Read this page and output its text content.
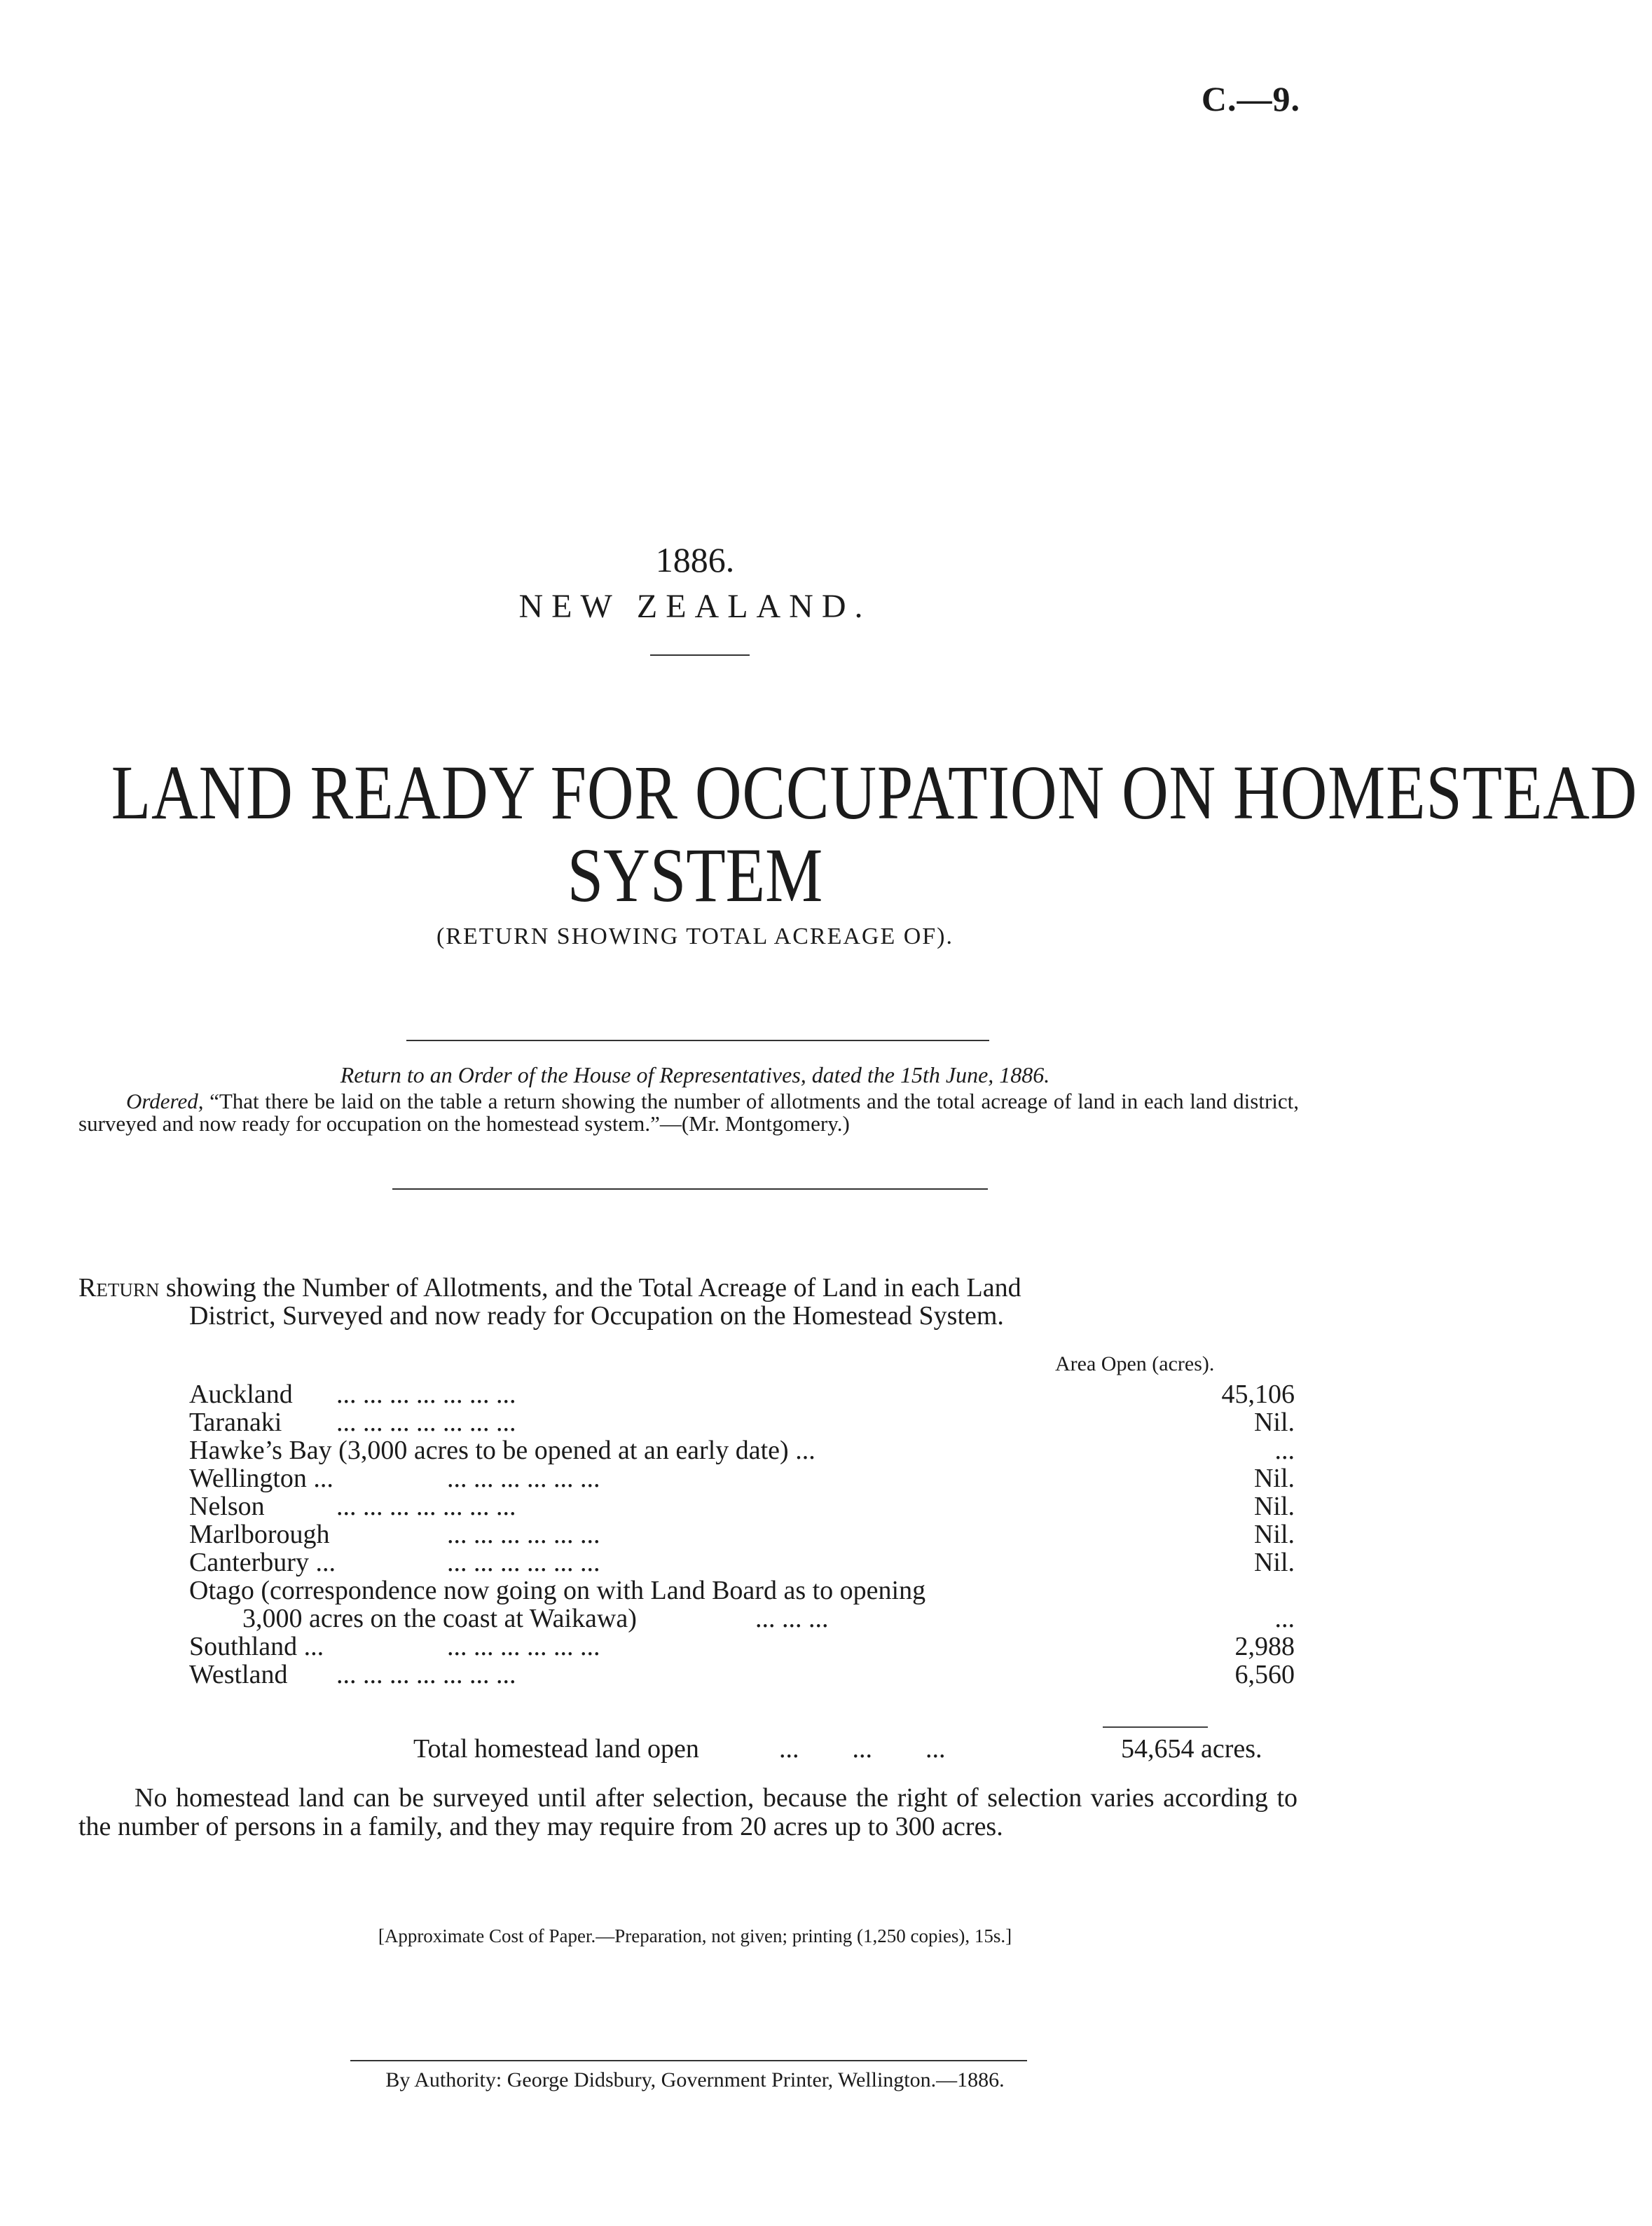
C.—9.
1886.
NEW ZEALAND.
LAND READY FOR OCCUPATION ON HOMESTEAD
SYSTEM
(RETURN SHOWING TOTAL ACREAGE OF).
Return to an Order of the House of Representatives, dated the 15th June, 1886.
Ordered, “That there be laid on the table a return showing the number of allotments and the total acreage of land in each land district, surveyed and now ready for occupation on the homestead system.”—(Mr. Montgomery.)
Return showing the Number of Allotments, and the Total Acreage of Land in each Land
District, Surveyed and now ready for Occupation on the Homestead System.
Area Open (acres).
Auckland ... ... ... ... ... ... ...	45,106
Taranaki ... ... ... ... ... ... ...	Nil.
Hawke’s Bay (3,000 acres to be opened at an early date) ...	...
Wellington ...	... ... ... ... ... ...	Nil.
Nelson	... ... ... ... ... ... ...	Nil.
Marlborough	... ... ... ... ... ...	Nil.
Canterbury ...	... ... ... ... ... ...	Nil.
Otago (correspondence now going on with Land Board as to opening
3,000 acres on the coast at Waikawa)	... ... ...	...
Southland ...	... ... ... ... ... ...	2,988
Westland ... ... ... ... ... ... ...	6,560
Total homestead land open	...        ...        ...	54,654 acres.
No homestead land can be surveyed until after selection, because the right of selection varies according to the number of persons in a family, and they may require from 20 acres up to 300 acres.
[Approximate Cost of Paper.—Preparation, not given; printing (1,250 copies), 15s.]
By Authority: George Didsbury, Government Printer, Wellington.—1886.
